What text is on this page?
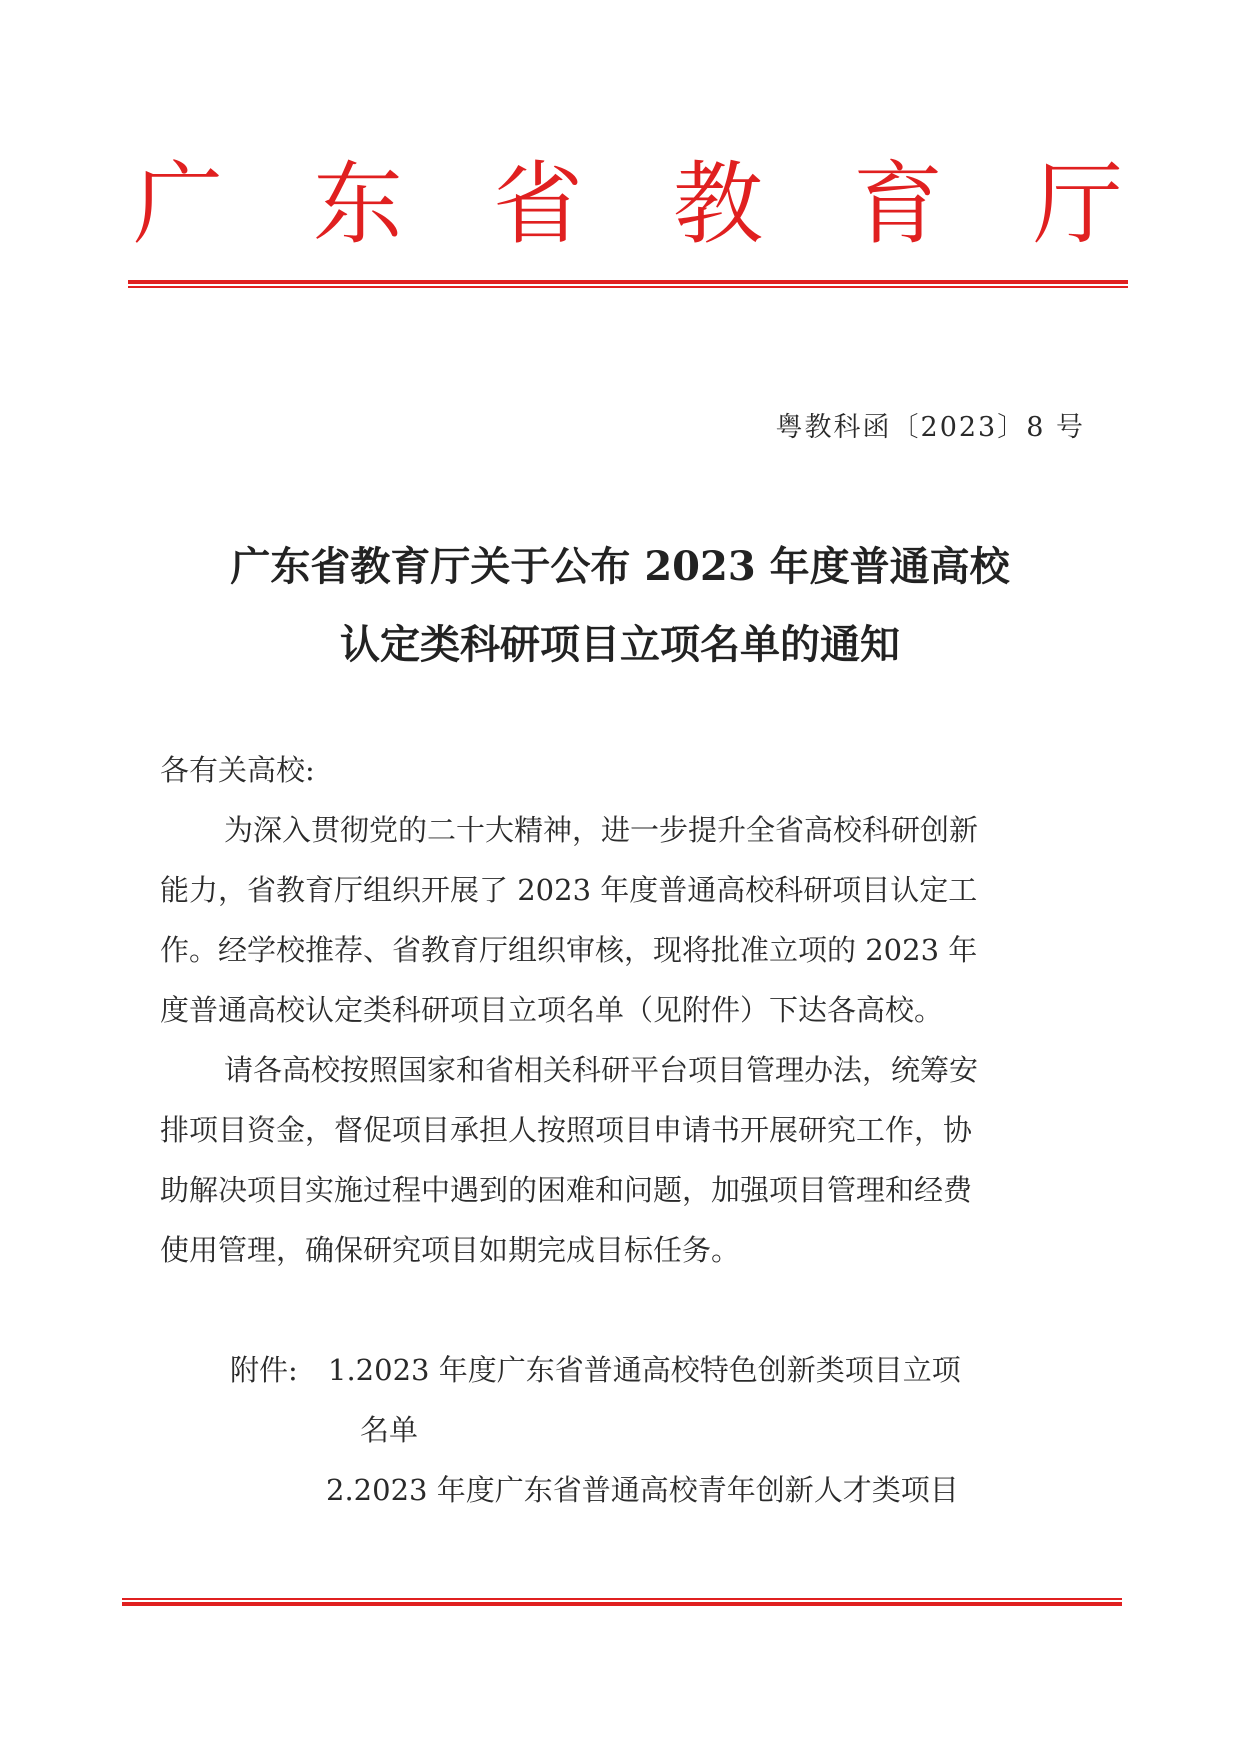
广 东 省 教 育 厅
粤教科函〔2023〕8 号
广东省教育厅关于公布 2023 年度普通高校
认定类科研项目立项名单的通知
各有关高校:
为深入贯彻党的二十大精神，进一步提升全省高校科研创新
能力，省教育厅组织开展了 2023 年度普通高校科研项目认定工
作。经学校推荐、省教育厅组织审核，现将批准立项的 2023 年
度普通高校认定类科研项目立项名单（见附件）下达各高校。
请各高校按照国家和省相关科研平台项目管理办法，统筹安
排项目资金，督促项目承担人按照项目申请书开展研究工作，协
助解决项目实施过程中遇到的困难和问题，加强项目管理和经费
使用管理，确保研究项目如期完成目标任务。
附件: 1.2023 年度广东省普通高校特色创新类项目立项
名单
2.2023 年度广东省普通高校青年创新人才类项目
